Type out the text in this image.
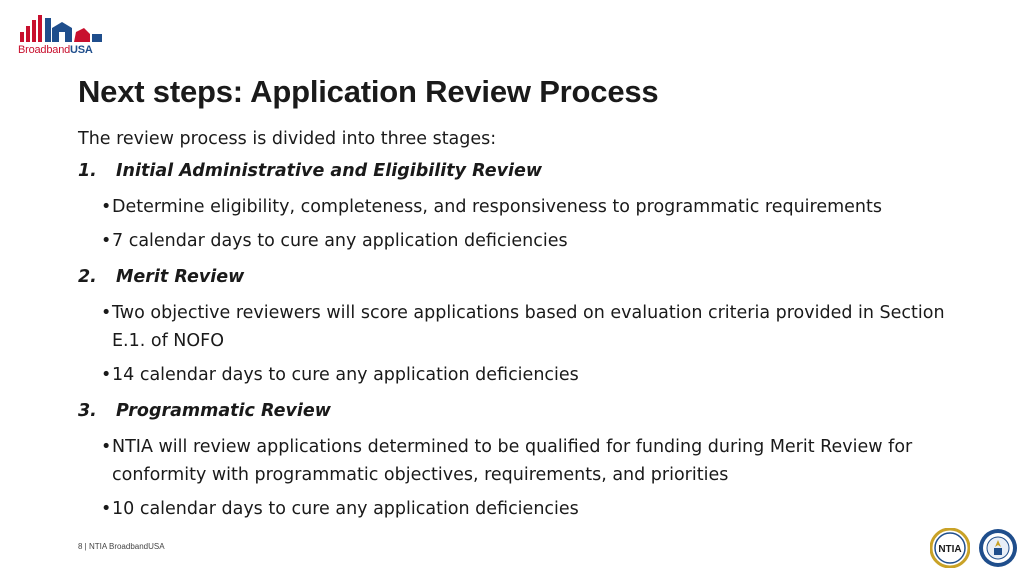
BroadbandUSA
Next steps: Application Review Process

The review process is divided into three stages:

1. Initial Administrative and Eligibility Review

• Determine eligibility, completeness, and responsiveness to programmatic requirements
• 7 calendar days to cure any application deficiencies

2. Merit Review

• Two objective reviewers will score applications based on evaluation criteria provided in Section E.1. of NOFO
• 14 calendar days to cure any application deficiencies

3. Programmatic Review

• NTIA will review applications determined to be qualified for funding during Merit Review for conformity with programmatic objectives, requirements, and priorities
• 10 calendar days to cure any application deficiencies
8 | NTIA BroadbandUSA	NTIA
